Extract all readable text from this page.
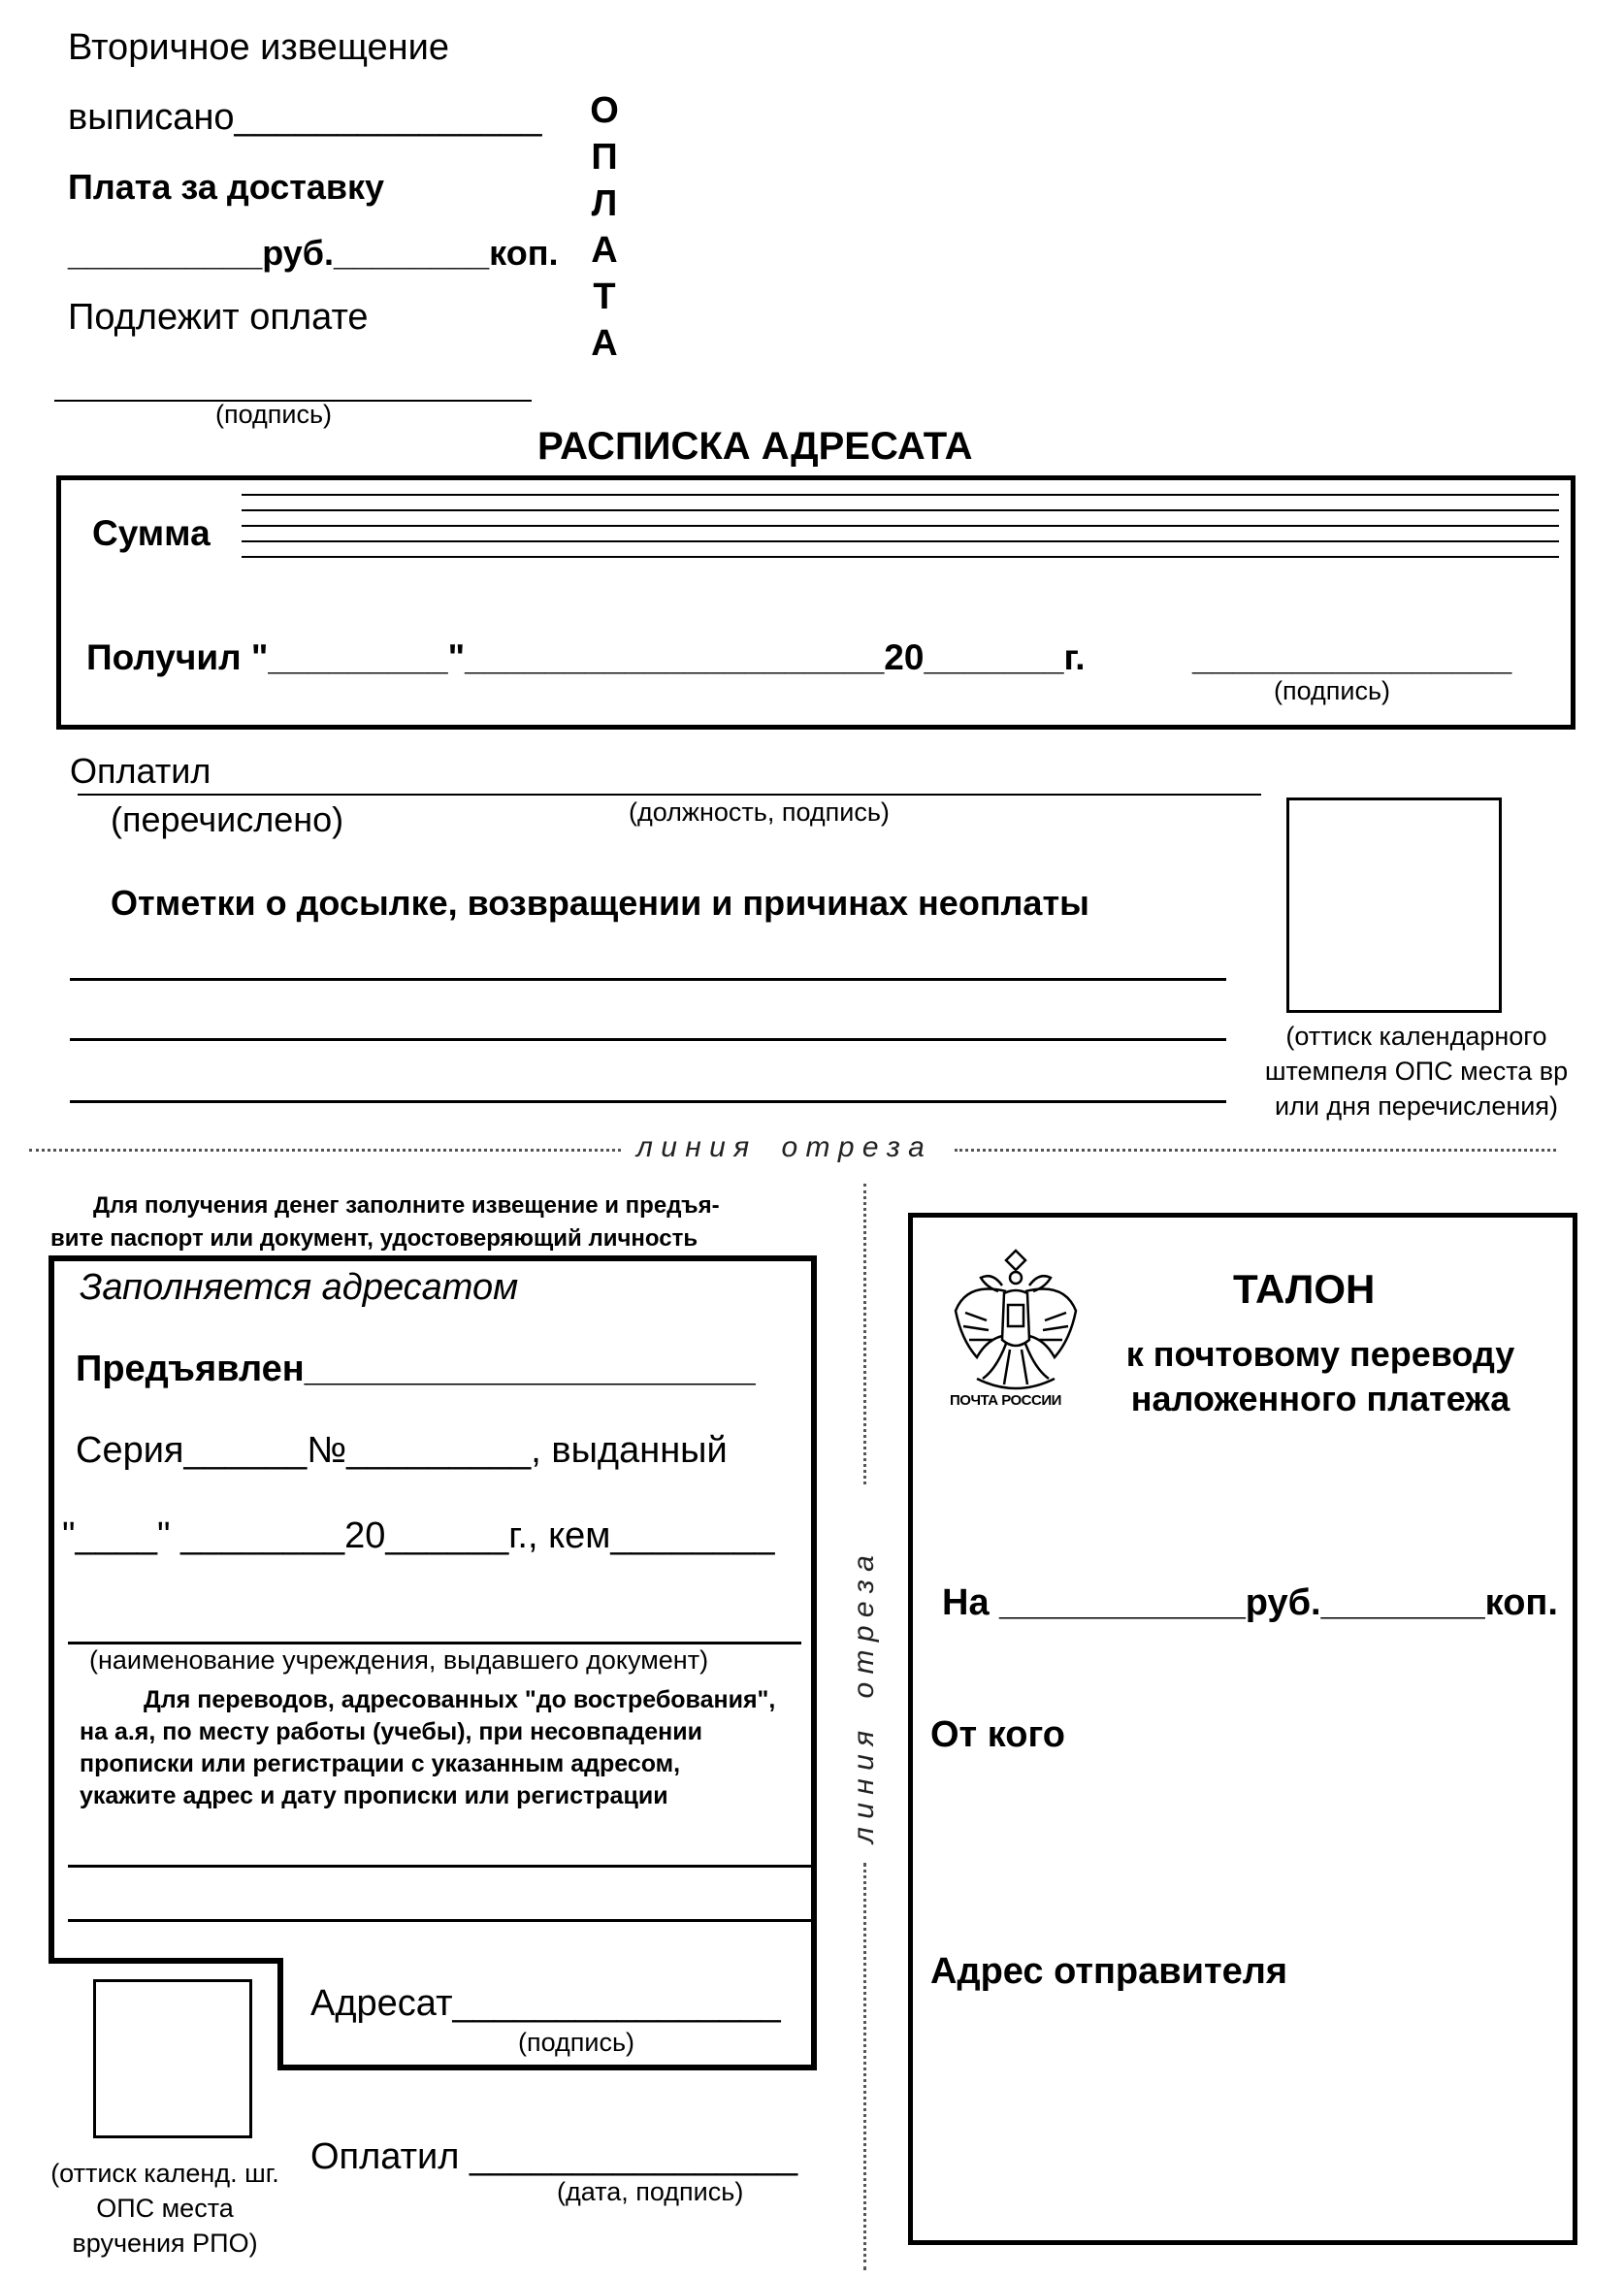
Вторичное извещение
выписано_______________
Плата за доставку
__________руб.________коп.
Подлежит оплате
(подпись)
О
П
Л
А
Т
А
РАСПИСКА АДРЕСАТА
Сумма
Получил "_________"_____________________20_______г.	________________
(подпись)
Оплатил
(перечислено)	(должность, подпись)
Отметки о досылке, возвращении и причинах неоплаты
(оттиск календарного
штемпеля ОПС места вр
или дня перечисления)
л и н и я    о т р е з а
Для получения денег заполните извещение и предъя-
вите паспорт или документ, удостоверяющий личность
Заполняется адресатом
Предъявлен______________________
Серия______№_________, выданный
"____" ________20______г., кем________
(наименование учреждения, выдавшего документ)
Для переводов, адресованных "до востребования",
на а.я, по месту работы (учебы), при несовпадении
прописки или регистрации с указанным адресом,
укажите адрес и дату прописки или регистрации
(оттиск календ. шг.
ОПС места
вручения РПО)
Адресат________________
(подпись)
Оплатил ________________
(дата, подпись)
л и н и я    о т р е з а
ПОЧТА РОССИИ
ТАЛОН
к почтовому переводу
наложенного платежа
На ____________руб.________коп.
От кого
Адрес отправителя
